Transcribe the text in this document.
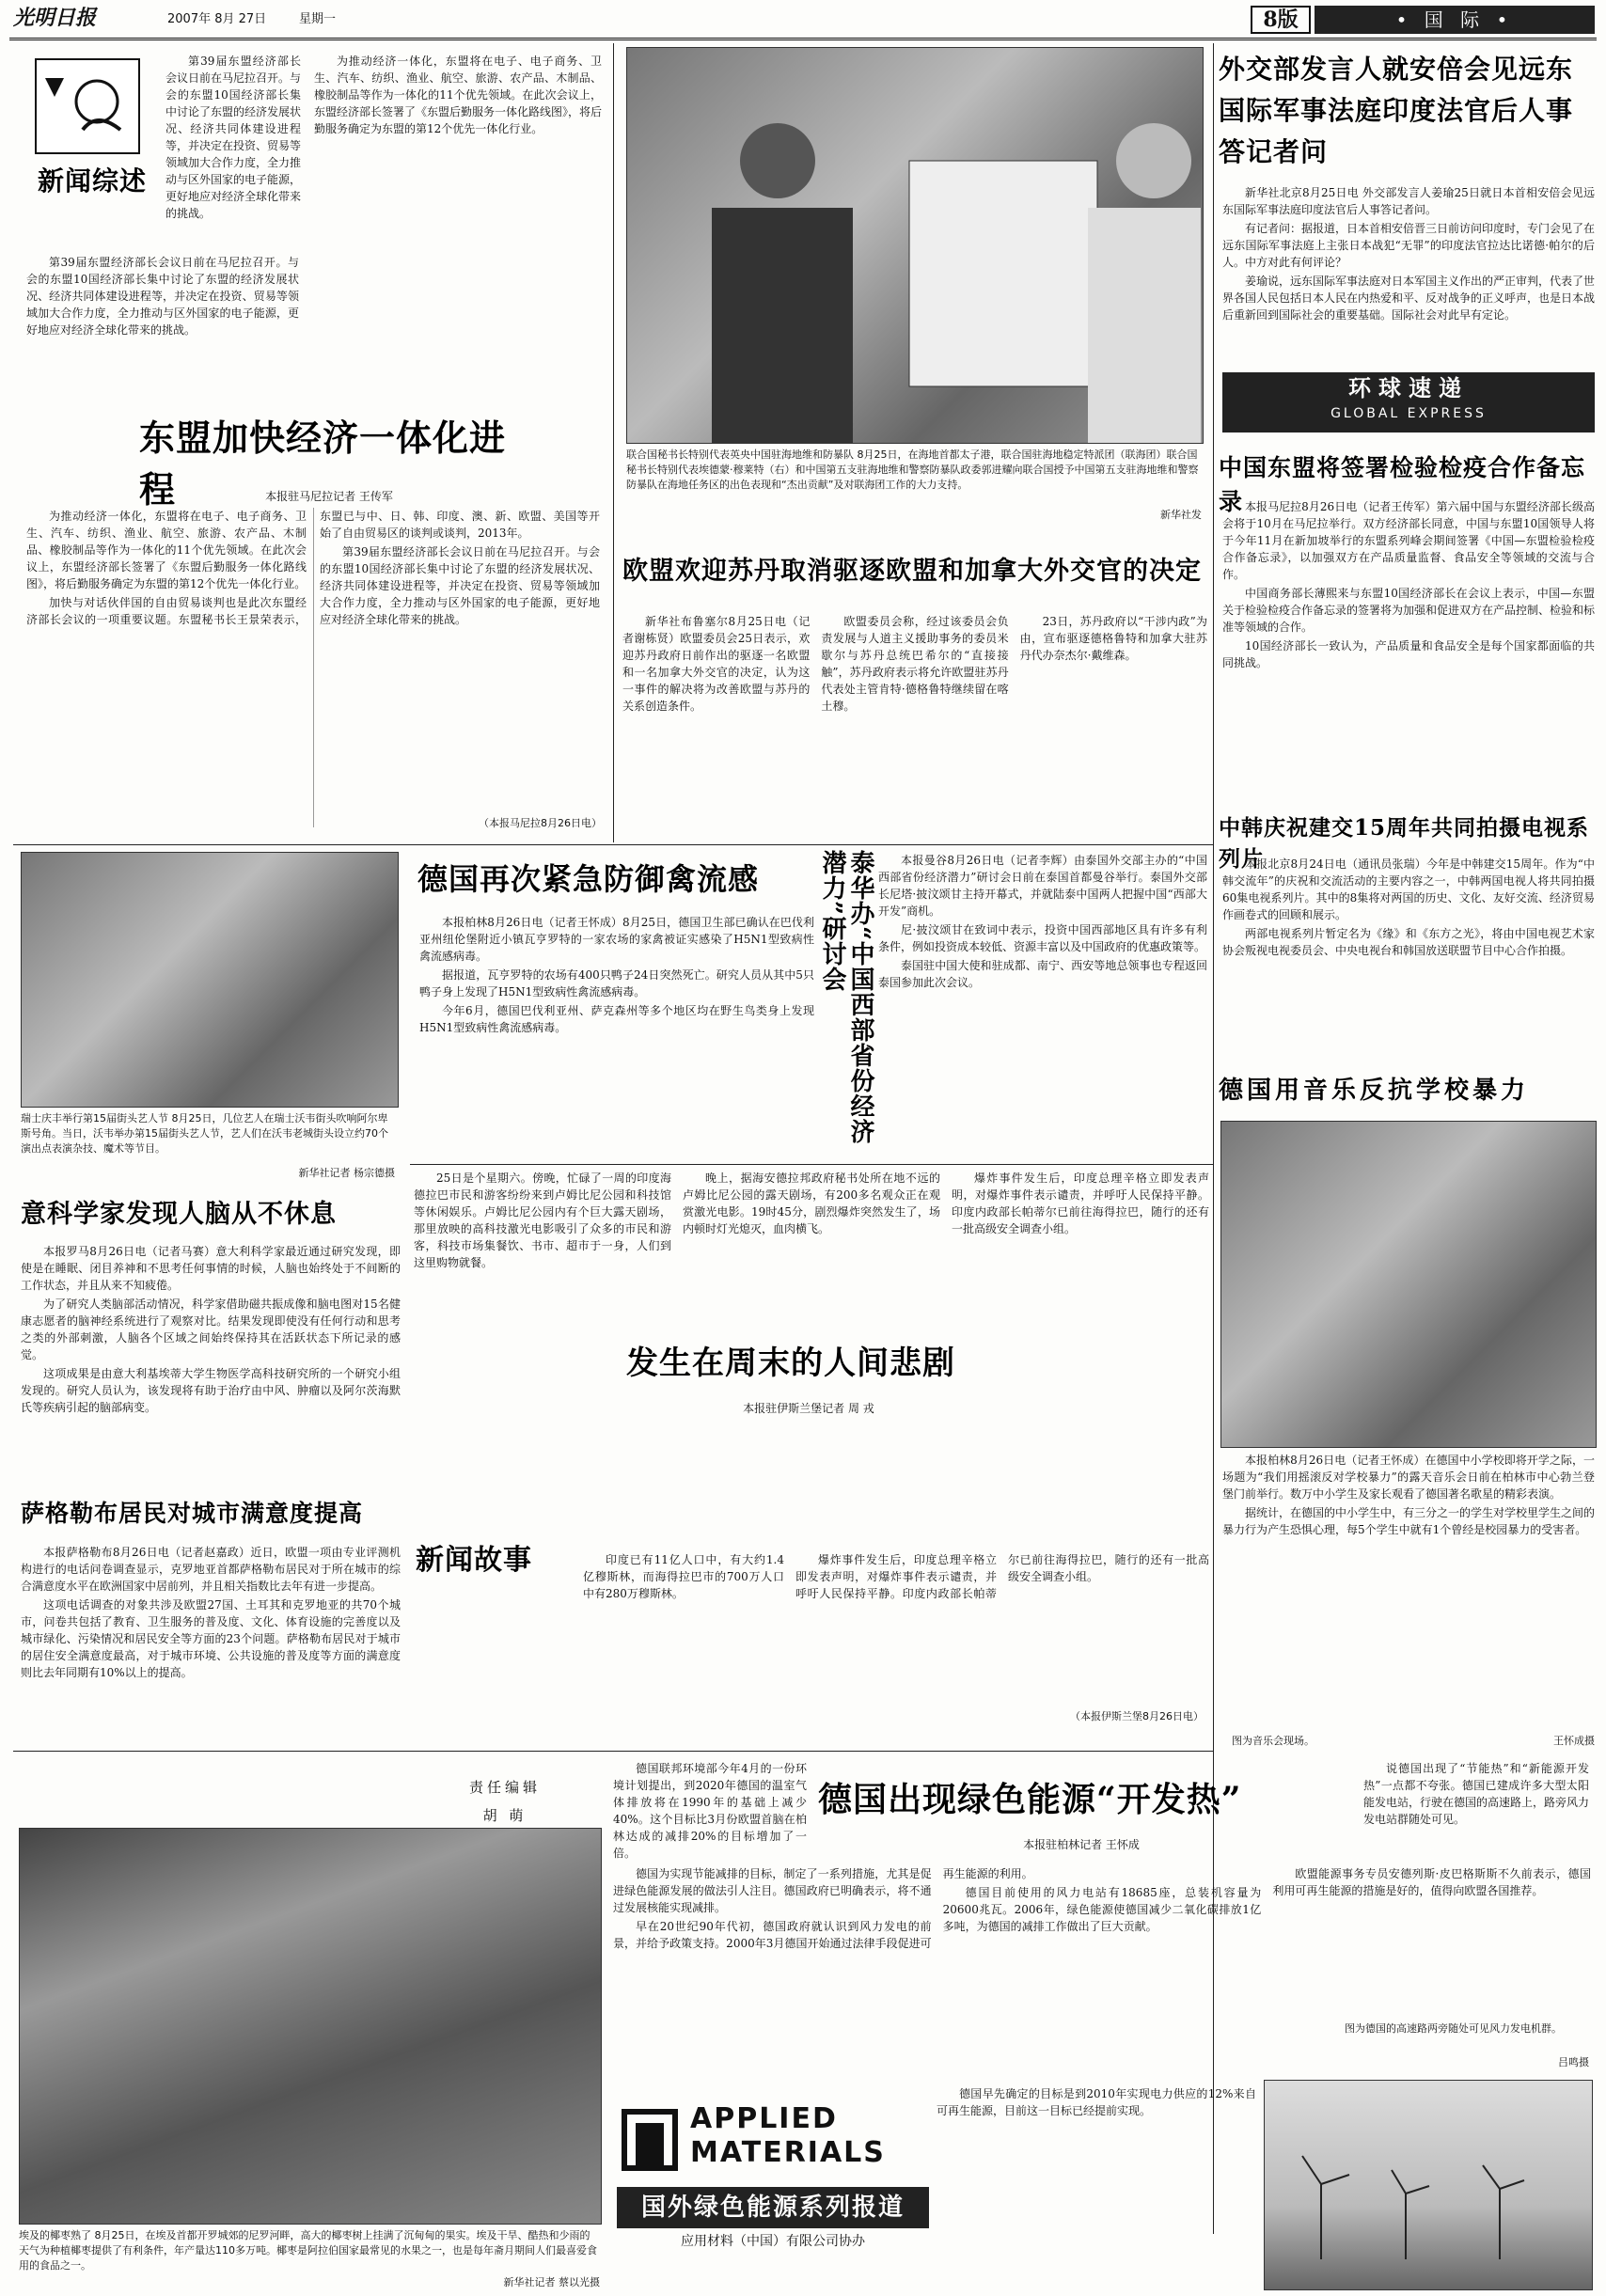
光明日报	2007年 8月 27日	星期一	8版	• 国 际 •
新闻综述

第39届东盟经济部长会议日前在马尼拉召开。与会的东盟10国经济部长集中讨论了东盟的经济发展状况、经济共同体建设进程等，并决定在投资、贸易等领域加大合作力度，全力推动与区外国家的电子能源，更好地应对经济全球化带来的挑战。

为推动经济一体化，东盟将在电子、电子商务、卫生、汽车、纺织、渔业、航空、旅游、农产品、木制品、橡胶制品等作为一体化的11个优先领域。在此次会议上，东盟经济部长签署了《东盟后勤服务一体化路线图》，将后勤服务确定为东盟的第12个优先一体化行业。

第39届东盟经济部长会议日前在马尼拉召开。与会的东盟10国经济部长集中讨论了东盟的经济发展状况、经济共同体建设进程等，并决定在投资、贸易等领域加大合作力度，全力推动与区外国家的电子能源，更好地应对经济全球化带来的挑战。

东盟加快经济一体化进程	本报驻马尼拉记者 王传军

为推动经济一体化，东盟将在电子、电子商务、卫生、汽车、纺织、渔业、航空、旅游、农产品、木制品、橡胶制品等作为一体化的11个优先领域。在此次会议上，东盟经济部长签署了《东盟后勤服务一体化路线图》，将后勤服务确定为东盟的第12个优先一体化行业。

加快与对话伙伴国的自由贸易谈判也是此次东盟经济部长会议的一项重要议题。东盟秘书长王景荣表示，东盟已与中、日、韩、印度、澳、新、欧盟、美国等开始了自由贸易区的谈判或谈判，2013年。

第39届东盟经济部长会议日前在马尼拉召开。与会的东盟10国经济部长集中讨论了东盟的经济发展状况、经济共同体建设进程等，并决定在投资、贸易等领域加大合作力度，全力推动与区外国家的电子能源，更好地应对经济全球化带来的挑战。

（本报马尼拉8月26日电）
联合国秘书长特别代表英央中国驻海地维和防暴队 8月25日，在海地首都太子港，联合国驻海地稳定特派团（联海团）联合国秘书长特别代表埃德蒙·穆莱特（右）和中国第五支驻海地维和警察防暴队政委郭进耀向联合国授予中国第五支驻海地维和警察防暴队在海地任务区的出色表现和“杰出贡献”及对联海团工作的大力支持。
新华社发
欧盟欢迎苏丹取消驱逐欧盟和加拿大外交官的决定

新华社布鲁塞尔8月25日电（记者谢栋贤）欧盟委员会25日表示，欢迎苏丹政府日前作出的驱逐一名欧盟和一名加拿大外交官的决定，认为这一事件的解决将为改善欧盟与苏丹的关系创造条件。

欧盟委员会称，经过该委员会负责发展与人道主义援助事务的委员米歇尔与苏丹总统巴希尔的“直接接触”，苏丹政府表示将允许欧盟驻苏丹代表处主管肯特·德格鲁特继续留在喀土穆。

23日，苏丹政府以“干涉内政”为由，宣布驱逐德格鲁特和加拿大驻苏丹代办奈杰尔·戴维森。

外交部发言人就安倍会见远东国际军事法庭印度法官后人事答记者问

新华社北京8月25日电 外交部发言人姜瑜25日就日本首相安倍会见远东国际军事法庭印度法官后人事答记者问。

有记者问：据报道，日本首相安倍晋三日前访问印度时，专门会见了在远东国际军事法庭上主张日本战犯“无罪”的印度法官拉达比诺德·帕尔的后人。中方对此有何评论？

姜瑜说，远东国际军事法庭对日本军国主义作出的严正审判，代表了世界各国人民包括日本人民在内热爱和平、反对战争的正义呼声，也是日本战后重新回到国际社会的重要基础。国际社会对此早有定论。

环球速递
GLOBAL EXPRESS
中国东盟将签署检验检疫合作备忘录 本报马尼拉8月26日电（记者王传军）第六届中国与东盟经济部长级高会将于10月在马尼拉举行。双方经济部长同意，中国与东盟10国领导人将于今年11月在新加坡举行的东盟系列峰会期间签署《中国—东盟检验检疫合作备忘录》，以加强双方在产品质量监督、食品安全等领域的交流与合作。

中国商务部长薄熙来与东盟10国经济部长在会议上表示，中国—东盟关于检验检疫合作备忘录的签署将为加强和促进双方在产品控制、检验和标准等领域的合作。

10国经济部长一致认为，产品质量和食品安全是每个国家都面临的共同挑战。

中韩庆祝建交15周年共同拍摄电视系列片

本报北京8月24日电（通讯员张瑞）今年是中韩建交15周年。作为“中韩交流年”的庆祝和交流活动的主要内容之一，中韩两国电视人将共同拍摄60集电视系列片。其中的8集将对两国的历史、文化、友好交流、经济贸易作画卷式的回顾和展示。

两部电视系列片暂定名为《缘》和《东方之光》，将由中国电视艺术家协会叛视电视委员会、中央电视台和韩国放送联盟节目中心合作拍摄。

德国用音乐反抗学校暴力

本报柏林8月26日电（记者王怀成）在德国中小学校即将开学之际，一场题为“我们用摇滚反对学校暴力”的露天音乐会日前在柏林市中心勃兰登堡门前举行。数万中小学生及家长观看了德国著名歌星的精彩表演。

据统计，在德国的中小学生中，有三分之一的学生对学校里学生之间的暴力行为产生恐惧心理，每5个学生中就有1个曾经是校园暴力的受害者。

图为音乐会现场。	王怀成摄
瑞士庆丰举行第15届街头艺人节 8月25日，几位艺人在瑞士沃韦街头吹响阿尔卑斯号角。当日，沃韦举办第15届街头艺人节，艺人们在沃韦老城街头设立约70个演出点表演杂技、魔术等节目。
新华社记者 杨宗德摄
德国再次紧急防御禽流感

本报柏林8月26日电（记者王怀成）8月25日，德国卫生部已确认在巴伐利亚州纽伦堡附近小镇瓦亨罗特的一家农场的家禽被证实感染了H5N1型致病性禽流感病毒。

据报道，瓦亨罗特的农场有400只鸭子24日突然死亡。研究人员从其中5只鸭子身上发现了H5N1型致病性禽流感病毒。

今年6月，德国巴伐利亚州、萨克森州等多个地区均在野生鸟类身上发现H5N1型致病性禽流感病毒。	泰华办“中国西部省份经济潜力”研讨会	本报曼谷8月26日电（记者李辉）由泰国外交部主办的“中国西部省份经济潜力”研讨会日前在泰国首都曼谷举行。泰国外交部长尼塔·披汶颂甘主持开幕式，并就陆泰中国两人把握中国“西部大开发”商机。

尼·披汶颂甘在致词中表示，投资中国西部地区具有许多有利条件，例如投资成本较低、资源丰富以及中国政府的优惠政策等。

泰国驻中国大使和驻成都、南宁、西安等地总领事也专程返回泰国参加此次会议。

意科学家发现人脑从不休息

本报罗马8月26日电（记者马赛）意大利科学家最近通过研究发现，即使是在睡眠、闭目养神和不思考任何事情的时候，人脑也始终处于不间断的工作状态，并且从来不知疲倦。

为了研究人类脑部活动情况，科学家借助磁共振成像和脑电图对15名健康志愿者的脑神经系统进行了观察对比。结果发现即使没有任何行动和思考之类的外部刺激，人脑各个区域之间始终保持其在活跃状态下所记录的感觉。

这项成果是由意大利基埃蒂大学生物医学高科技研究所的一个研究小组发现的。研究人员认为，该发现将有助于治疗由中风、肿瘤以及阿尔茨海默氏等疾病引起的脑部病变。

萨格勒布居民对城市满意度提高

本报萨格勒布8月26日电（记者赵嘉政）近日，欧盟一项由专业评测机构进行的电话问卷调查显示，克罗地亚首都萨格勒布居民对于所在城市的综合满意度水平在欧洲国家中居前列，并且相关指数比去年有进一步提高。

这项电话调查的对象共涉及欧盟27国、土耳其和克罗地亚的共70个城市，问卷共包括了教育、卫生服务的普及度、文化、体育设施的完善度以及城市绿化、污染情况和居民安全等方面的23个问题。萨格勒布居民对于城市的居住安全满意度最高，对于城市环境、公共设施的普及度等方面的满意度则比去年同期有10%以上的提高。

25日是个星期六。傍晚，忙碌了一周的印度海德拉巴市民和游客纷纷来到卢姆比尼公园和科技馆等休闲娱乐。卢姆比尼公园内有个巨大露天剧场，那里放映的高科技激光电影吸引了众多的市民和游客，科技市场集餐饮、书市、超市于一身，人们到这里购物就餐。

晚上，据海安德拉邦政府秘书处所在地不远的卢姆比尼公园的露天剧场，有200多名观众正在观赏激光电影。19时45分，剧烈爆炸突然发生了，场内顿时灯光熄灭，血肉横飞。

爆炸事件发生后，印度总理辛格立即发表声明，对爆炸事件表示谴责，并呼吁人民保持平静。印度内政部长帕蒂尔已前往海得拉巴，随行的还有一批高级安全调查小组。

发生在周末的人间悲剧
本报驻伊斯兰堡记者 周 戎
新闻故事	印度已有11亿人口中，有大约1.4亿穆斯林，而海得拉巴市的700万人口中有280万穆斯林。

爆炸事件发生后，印度总理辛格立即发表声明，对爆炸事件表示谴责，并呼吁人民保持平静。印度内政部长帕蒂尔已前往海得拉巴，随行的还有一批高级安全调查小组。

（本报伊斯兰堡8月26日电）
责任编辑
胡 萌
埃及的椰枣熟了 8月25日，在埃及首都开罗城郊的尼罗河畔，高大的椰枣树上挂满了沉甸甸的果实。埃及干旱、酷热和少雨的天气为种植椰枣提供了有利条件，年产量达110多万吨。椰枣是阿拉伯国家最常见的水果之一，也是每年斋月期间人们最喜爱食用的食品之一。
新华社记者 蔡以光摄

德国联邦环境部今年4月的一份环境计划提出，到2020年德国的温室气体排放将在1990年的基础上减少40%。这个目标比3月份欧盟首脑在柏林达成的减排20%的目标增加了一倍。

德国出现绿色能源“开发热”
本报驻柏林记者 王怀成

说德国出现了“节能热”和“新能源开发热”一点都不夸张。德国已建成许多大型太阳能发电站，行驶在德国的高速路上，路旁风力发电站群随处可见。

德国为实现节能减排的目标，制定了一系列措施，尤其是促进绿色能源发展的做法引人注目。德国政府已明确表示，将不通过发展核能实现减排。

早在20世纪90年代初，德国政府就认识到风力发电的前景，并给予政策支持。2000年3月德国开始通过法律手段促进可再生能源的利用。

德国目前使用的风力电站有18685座，总装机容量为20600兆瓦。2006年，绿色能源使德国减少二氧化碳排放1亿多吨，为德国的减排工作做出了巨大贡献。

欧盟能源事务专员安德列斯·皮巴格斯斯不久前表示，德国利用可再生能源的措施是好的，值得向欧盟各国推荐。

德国早先确定的目标是到2010年实现电力供应的12%来自可再生能源，目前这一目标已经提前实现。

图为德国的高速路两旁随处可见风力发电机群。
吕鸣摄
APPLIED
MATERIALS
国外绿色能源系列报道
应用材料（中国）有限公司协办
